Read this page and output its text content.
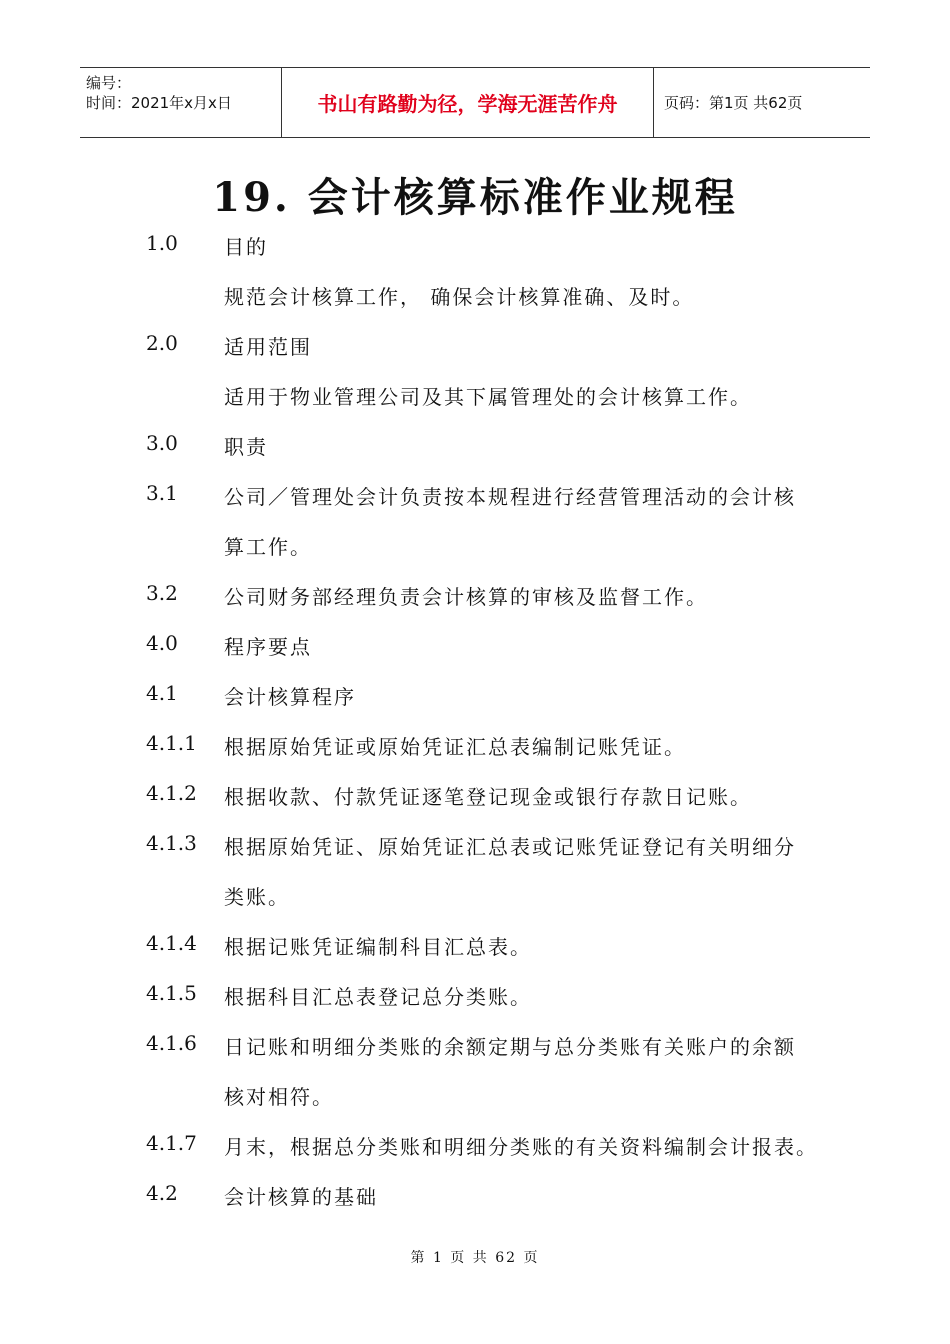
编号：
时间：2021年x月x日	书山有路勤为径，学海无涯苦作舟	页码：第1页 共62页
19. 会计核算标准作业规程
1.0 目的
规范会计核算工作， 确保会计核算准确、及时。
2.0 适用范围
适用于物业管理公司及其下属管理处的会计核算工作。
3.0 职责
3.1 公司／管理处会计负责按本规程进行经营管理活动的会计核
算工作。
3.2 公司财务部经理负责会计核算的审核及监督工作。
4.0 程序要点
4.1 会计核算程序
4.1.1 根据原始凭证或原始凭证汇总表编制记账凭证。
4.1.2 根据收款、付款凭证逐笔登记现金或银行存款日记账。
4.1.3 根据原始凭证、原始凭证汇总表或记账凭证登记有关明细分
类账。
4.1.4 根据记账凭证编制科目汇总表。
4.1.5 根据科目汇总表登记总分类账。
4.1.6 日记账和明细分类账的余额定期与总分类账有关账户的余额
核对相符。
4.1.7 月末，根据总分类账和明细分类账的有关资料编制会计报表。
4.2 会计核算的基础
第 1 页 共 62 页
